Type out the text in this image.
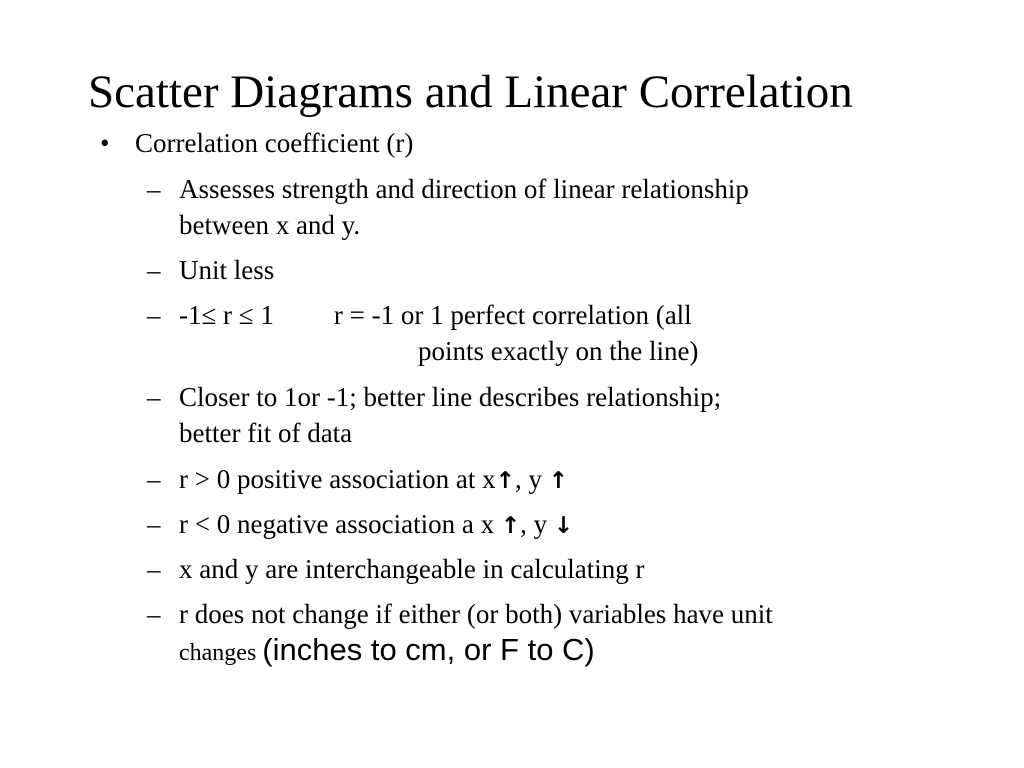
Scatter Diagrams and Linear Correlation
• Correlation coefficient (r)
– Assesses strength and direction of linear relationship
between x and y.
– Unit less
– -1≤ r ≤ 1 r = -1 or 1 perfect correlation (all
points exactly on the line)
– Closer to 1or -1; better line describes relationship;
better fit of data
– r > 0 positive association at x↑, y ↑
– r < 0 negative association a x ↑, y ↓
– x and y are interchangeable in calculating r
– r does not change if either (or both) variables have unit
changes (inches to cm, or F to C)
